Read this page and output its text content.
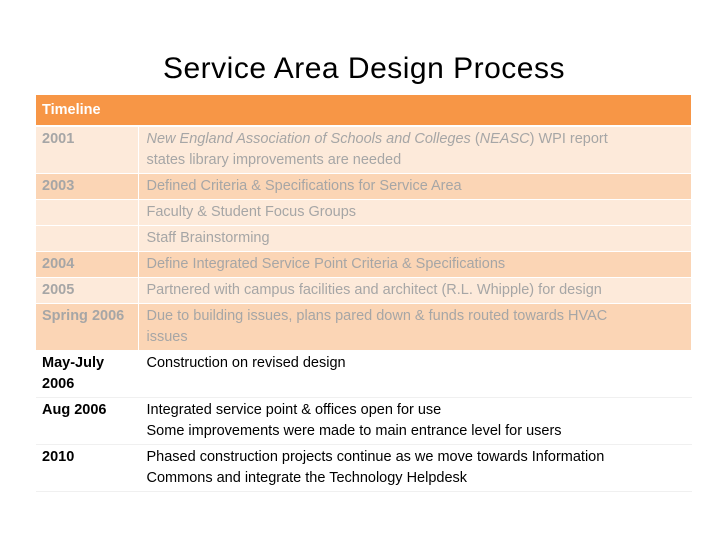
Service Area Design Process
Timeline	
2001	New England Association of Schools and Colleges (NEASC) WPI report
states library improvements are needed

2003	Defined Criteria & Specifications for Service Area

	Faculty & Student Focus Groups

	Staff Brainstorming

2004	Define Integrated Service Point Criteria & Specifications

2005	Partnered with campus facilities and architect (R.L. Whipple) for design

Spring 2006	Due to building issues, plans pared down & funds routed towards HVAC
issues

May-July 2006	Construction on revised design

Aug 2006	Integrated service point & offices open for use
Some improvements were made to main entrance level for users

2010	Phased construction projects continue as we move towards Information
Commons and integrate the Technology Helpdesk
